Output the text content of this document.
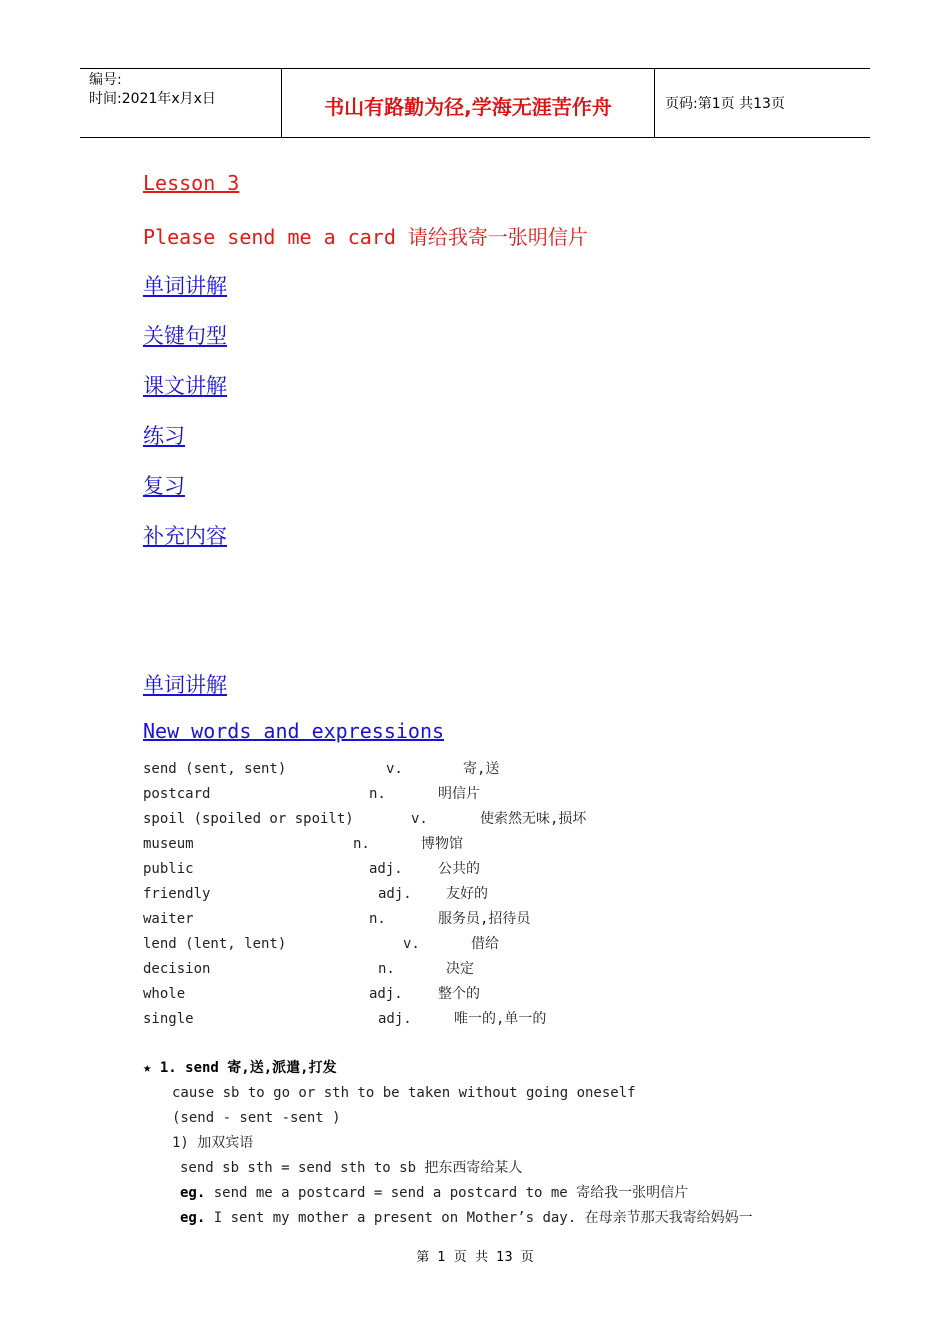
编号:
时间:2021年x月x日	书山有路勤为径,学海无涯苦作舟	页码:第1页 共13页
Lesson 3
Please send me a card 请给我寄一张明信片
单词讲解
关键句型
课文讲解
练习
复习
补充内容
单词讲解
New words and expressions
send (sent, sent)	v.	寄,送
postcard	n.	明信片
spoil (spoiled or spoilt)	v.	使索然无味,损坏
museum	n.	博物馆
public	adj.	公共的
friendly	adj. 友好的
waiter	n.	服务员,招待员
lend (lent, lent)	v.	借给
decision	n.	决定
whole	adj.	整个的
single	adj.	唯一的,单一的
★ 1. send 寄,送,派遣,打发
cause sb to go or sth to be taken without going oneself
(send - sent -sent )
1) 加双宾语
send sb sth = send sth to sb 把东西寄给某人
eg. send me a postcard = send a postcard to me 寄给我一张明信片
eg. I sent my mother a present on Mother’s day. 在母亲节那天我寄给妈妈一
第 1 页 共 13 页
